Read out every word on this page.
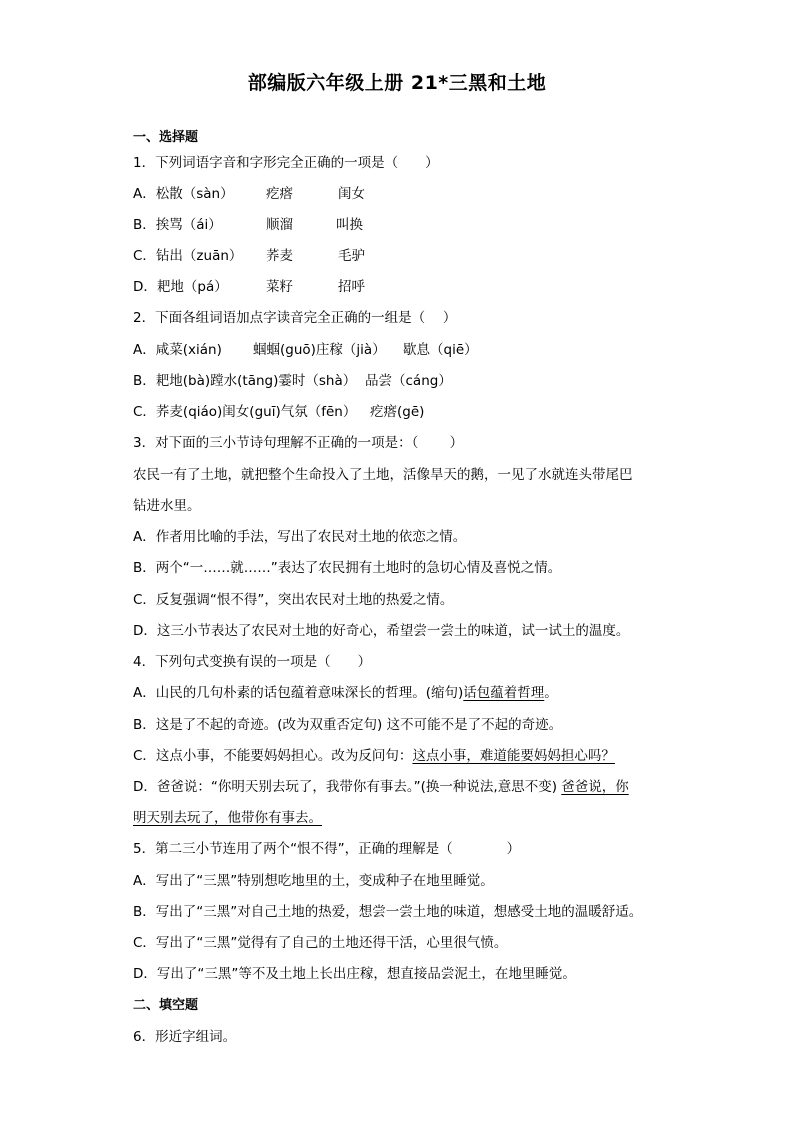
部编版六年级上册 21*三黑和土地
一、选择题
1．下列词语字音和字形完全正确的一项是（　　）
A．松散（sàn） 疙瘩	闺女
B．挨骂（ái）	顺溜	叫换
C．钻出（zuān） 荞麦	毛驴
D．耙地（pá）	菜籽	招呼
2．下面各组词语加点字读音完全正确的一组是（　 ）
A．咸菜(xián) 蝈蝈(guō)庄稼（jià） 歇息（qiē）
B．耙地(bà)蹚水(tāng)霎时（shà） 品尝（cáng）
C．荞麦(qiáo)闺女(guī)气氛（fēn） 疙瘩(gē)
3．对下面的三小节诗句理解不正确的一项是：（　　 ）
农民一有了土地，就把整个生命投入了土地，活像旱天的鹅，一见了水就连头带尾巴
钻进水里。
A．作者用比喻的手法，写出了农民对土地的依恋之情。
B．两个“一……就……”表达了农民拥有土地时的急切心情及喜悦之情。
C．反复强调“恨不得”，突出农民对土地的热爱之情。
D．这三小节表达了农民对土地的好奇心，希望尝一尝土的味道，试一试土的温度。
4．下列句式变换有误的一项是（　　）
A．山民的几句朴素的话包蕴着意味深长的哲理。(缩句)话包蕴着哲理。
B．这是了不起的奇迹。(改为双重否定句) 这不可能不是了不起的奇迹。
C．这点小事，不能要妈妈担心。改为反问句：这点小事，难道能要妈妈担心吗？
D．爸爸说：“你明天别去玩了，我带你有事去。”(换一种说法,意思不变) 爸爸说，你
明天别去玩了，他带你有事去。
5．第二三小节连用了两个“恨不得”，正确的理解是（　　　　）
A．写出了“三黑”特别想吃地里的土，变成种子在地里睡觉。
B．写出了“三黑”对自己土地的热爱，想尝一尝土地的味道，想感受土地的温暖舒适。
C．写出了“三黑”觉得有了自己的土地还得干活，心里很气愤。
D．写出了“三黑”等不及土地上长出庄稼，想直接品尝泥土，在地里睡觉。
二、填空题
6．形近字组词。
